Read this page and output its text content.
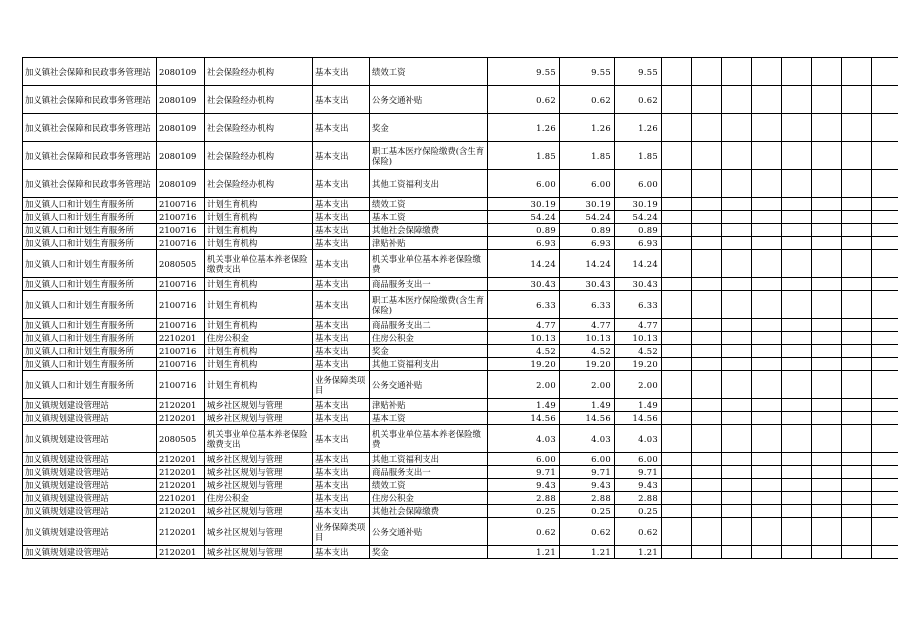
加义镇社会保障和民政事务管理站	2080109	社会保险经办机构	基本支出	绩效工资	9.55	9.55	9.55								
加义镇社会保障和民政事务管理站	2080109	社会保险经办机构	基本支出	公务交通补贴	0.62	0.62	0.62								
加义镇社会保障和民政事务管理站	2080109	社会保险经办机构	基本支出	奖金	1.26	1.26	1.26								
加义镇社会保障和民政事务管理站	2080109	社会保险经办机构	基本支出	职工基本医疗保险缴费(含生育保险)	1.85	1.85	1.85								
加义镇社会保障和民政事务管理站	2080109	社会保险经办机构	基本支出	其他工资福利支出	6.00	6.00	6.00								
加义镇人口和计划生育服务所	2100716	计划生育机构	基本支出	绩效工资	30.19	30.19	30.19								
加义镇人口和计划生育服务所	2100716	计划生育机构	基本支出	基本工资	54.24	54.24	54.24								
加义镇人口和计划生育服务所	2100716	计划生育机构	基本支出	其他社会保障缴费	0.89	0.89	0.89								
加义镇人口和计划生育服务所	2100716	计划生育机构	基本支出	津贴补贴	6.93	6.93	6.93								
加义镇人口和计划生育服务所	2080505	机关事业单位基本养老保险缴费支出	基本支出	机关事业单位基本养老保险缴费	14.24	14.24	14.24								
加义镇人口和计划生育服务所	2100716	计划生育机构	基本支出	商品服务支出一	30.43	30.43	30.43								
加义镇人口和计划生育服务所	2100716	计划生育机构	基本支出	职工基本医疗保险缴费(含生育保险)	6.33	6.33	6.33								
加义镇人口和计划生育服务所	2100716	计划生育机构	基本支出	商品服务支出二	4.77	4.77	4.77								
加义镇人口和计划生育服务所	2210201	住房公积金	基本支出	住房公积金	10.13	10.13	10.13								
加义镇人口和计划生育服务所	2100716	计划生育机构	基本支出	奖金	4.52	4.52	4.52								
加义镇人口和计划生育服务所	2100716	计划生育机构	基本支出	其他工资福利支出	19.20	19.20	19.20								
加义镇人口和计划生育服务所	2100716	计划生育机构	业务保障类项目	公务交通补贴	2.00	2.00	2.00								
加义镇规划建设管理站	2120201	城乡社区规划与管理	基本支出	津贴补贴	1.49	1.49	1.49								
加义镇规划建设管理站	2120201	城乡社区规划与管理	基本支出	基本工资	14.56	14.56	14.56								
加义镇规划建设管理站	2080505	机关事业单位基本养老保险缴费支出	基本支出	机关事业单位基本养老保险缴费	4.03	4.03	4.03								
加义镇规划建设管理站	2120201	城乡社区规划与管理	基本支出	其他工资福利支出	6.00	6.00	6.00								
加义镇规划建设管理站	2120201	城乡社区规划与管理	基本支出	商品服务支出一	9.71	9.71	9.71								
加义镇规划建设管理站	2120201	城乡社区规划与管理	基本支出	绩效工资	9.43	9.43	9.43								
加义镇规划建设管理站	2210201	住房公积金	基本支出	住房公积金	2.88	2.88	2.88								
加义镇规划建设管理站	2120201	城乡社区规划与管理	基本支出	其他社会保障缴费	0.25	0.25	0.25								
加义镇规划建设管理站	2120201	城乡社区规划与管理	业务保障类项目	公务交通补贴	0.62	0.62	0.62								
加义镇规划建设管理站	2120201	城乡社区规划与管理	基本支出	奖金	1.21	1.21	1.21								
